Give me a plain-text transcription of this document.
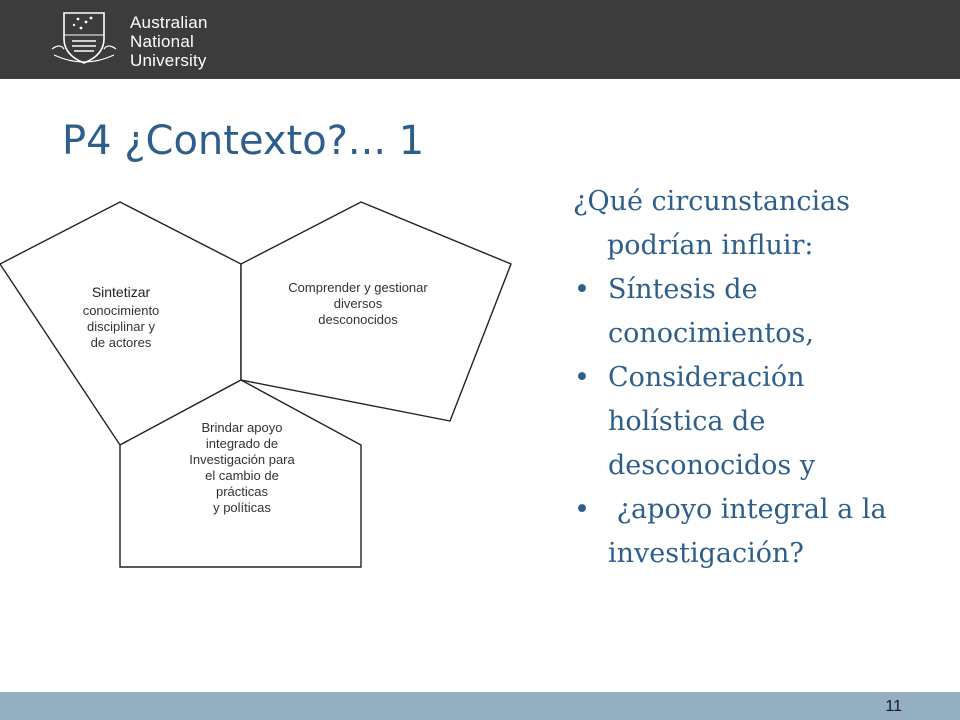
Australian
National
University
P4 ¿Contexto?... 1
Sintetizar
conocimiento
disciplinar y
de actores
Comprender y gestionar
diversos
desconocidos
Brindar apoyo
integrado de
Investigación para
el cambio de
prácticas
y políticas
¿Qué circunstancias
podrían influir:
• Síntesis de
conocimientos,
• Consideración
holística de
desconocidos y
• ¿apoyo integral a la
investigación?
11
